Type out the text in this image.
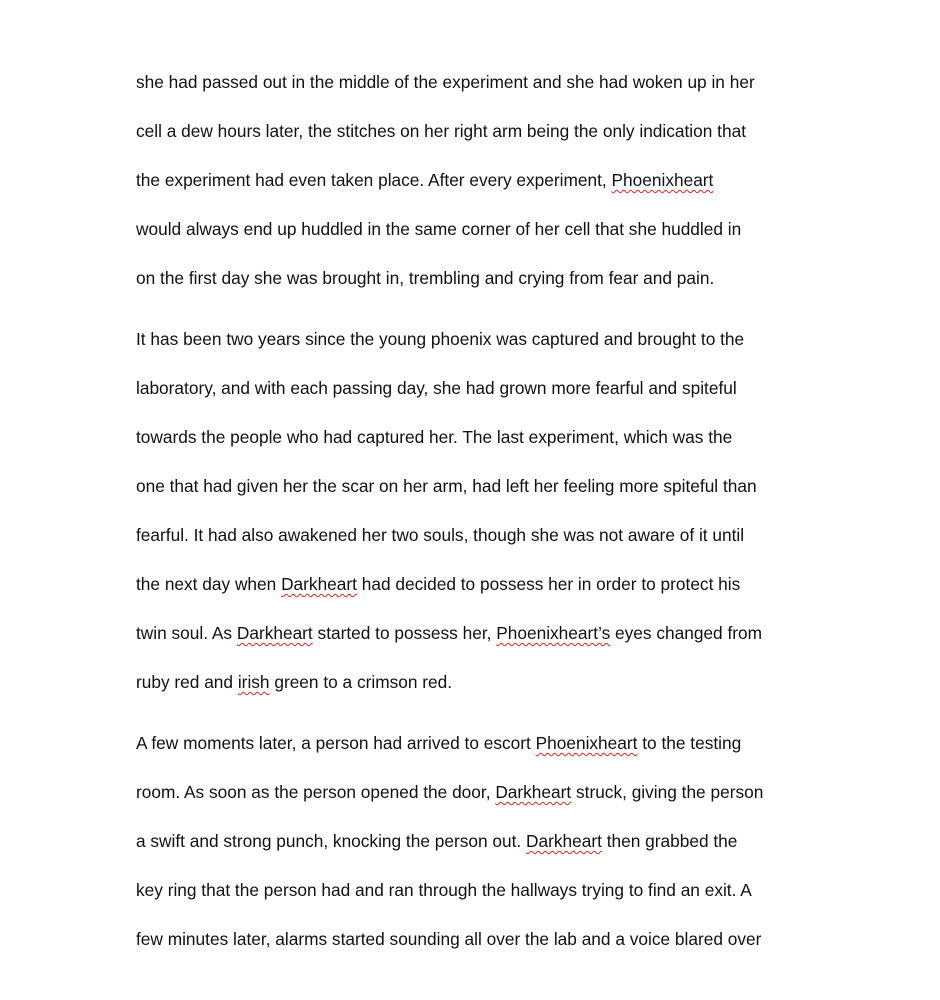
she had passed out in the middle of the experiment and she had woken up in her
cell a dew hours later, the stitches on her right arm being the only indication that
the experiment had even taken place. After every experiment, Phoenixheart
would always end up huddled in the same corner of her cell that she huddled in
on the first day she was brought in, trembling and crying from fear and pain.
It has been two years since the young phoenix was captured and brought to the
laboratory, and with each passing day, she had grown more fearful and spiteful
towards the people who had captured her. The last experiment, which was the
one that had given her the scar on her arm, had left her feeling more spiteful than
fearful. It had also awakened her two souls, though she was not aware of it until
the next day when Darkheart had decided to possess her in order to protect his
twin soul. As Darkheart started to possess her, Phoenixheart’s eyes changed from
ruby red and irish green to a crimson red.
A few moments later, a person had arrived to escort Phoenixheart to the testing
room. As soon as the person opened the door, Darkheart struck, giving the person
a swift and strong punch, knocking the person out. Darkheart then grabbed the
key ring that the person had and ran through the hallways trying to find an exit. A
few minutes later, alarms started sounding all over the lab and a voice blared over
